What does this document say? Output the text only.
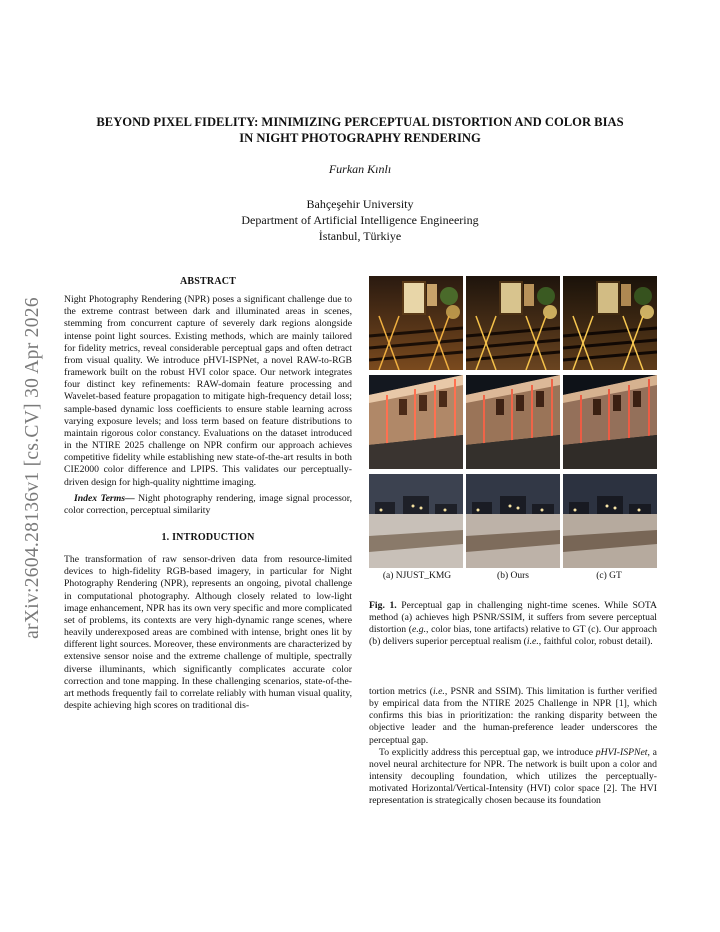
arXiv:2604.28136v1 [cs.CV] 30 Apr 2026
BEYOND PIXEL FIDELITY: MINIMIZING PERCEPTUAL DISTORTION AND COLOR BIAS
IN NIGHT PHOTOGRAPHY RENDERING
Furkan Kınlı
Bahçeşehir University
Department of Artificial Intelligence Engineering
İstanbul, Türkiye
ABSTRACT

Night Photography Rendering (NPR) poses a significant challenge due to the extreme contrast between dark and illuminated areas in scenes, stemming from concurrent capture of severely dark regions alongside intense point light sources. Existing methods, which are mainly tailored for fidelity metrics, reveal considerable perceptual gaps and often detract from visual quality. We introduce pHVI-ISPNet, a novel RAW-to-RGB framework built on the robust HVI color space. Our network integrates four distinct key refinements: RAW-domain feature processing and Wavelet-based feature propagation to mitigate high-frequency detail loss; sample-based dynamic loss coefficients to ensure stable learning across varying exposure levels; and loss term based on feature distributions to maintain rigorous color constancy. Evaluations on the dataset introduced in the NTIRE 2025 challenge on NPR confirm our approach achieves competitive fidelity while establishing new state-of-the-art results in both CIE2000 color difference and LPIPS. This validates our perceptually-driven design for high-quality nighttime imaging.

Index Terms— Night photography rendering, image signal processor, color correction, perceptual similarity

1. INTRODUCTION

The transformation of raw sensor-driven data from resource-limited devices to high-fidelity RGB-based imagery, in particular for Night Photography Rendering (NPR), represents an ongoing, pivotal challenge in computational photography. Although closely related to low-light image enhancement, NPR has its own very specific and more complicated set of problems, its contexts are very high-dynamic range scenes, where heavily underexposed areas are combined with intense, bright ones lit by different light sources. Moreover, these environments are characterized by extensive sensor noise and the extreme challenge of multiple, spectrally diverse illuminants, which significantly complicates accurate color correction and tone mapping. In these challenging scenarios, state-of-the-art methods frequently fail to correlate reliably with human visual quality, despite achieving high scores on traditional dis-

(a) NJUST_KMG	(b) Ours	(c) GT
Fig. 1. Perceptual gap in challenging night-time scenes. While SOTA method (a) achieves high PSNR/SSIM, it suffers from severe perceptual distortion (e.g., color bias, tone artifacts) relative to GT (c). Our approach (b) delivers superior perceptual realism (i.e., faithful color, robust detail).

tortion metrics (i.e., PSNR and SSIM). This limitation is further verified by empirical data from the NTIRE 2025 Challenge in NPR [1], which confirms this bias in prioritization: the ranking disparity between the objective leader and the human-preference leader underscores the perceptual gap.

To explicitly address this perceptual gap, we introduce pHVI-ISPNet, a novel neural architecture for NPR. The network is built upon a color and intensity decoupling foundation, which utilizes the perceptually-motivated Horizontal/Vertical-Intensity (HVI) color space [2]. The HVI representation is strategically chosen because its foundation
